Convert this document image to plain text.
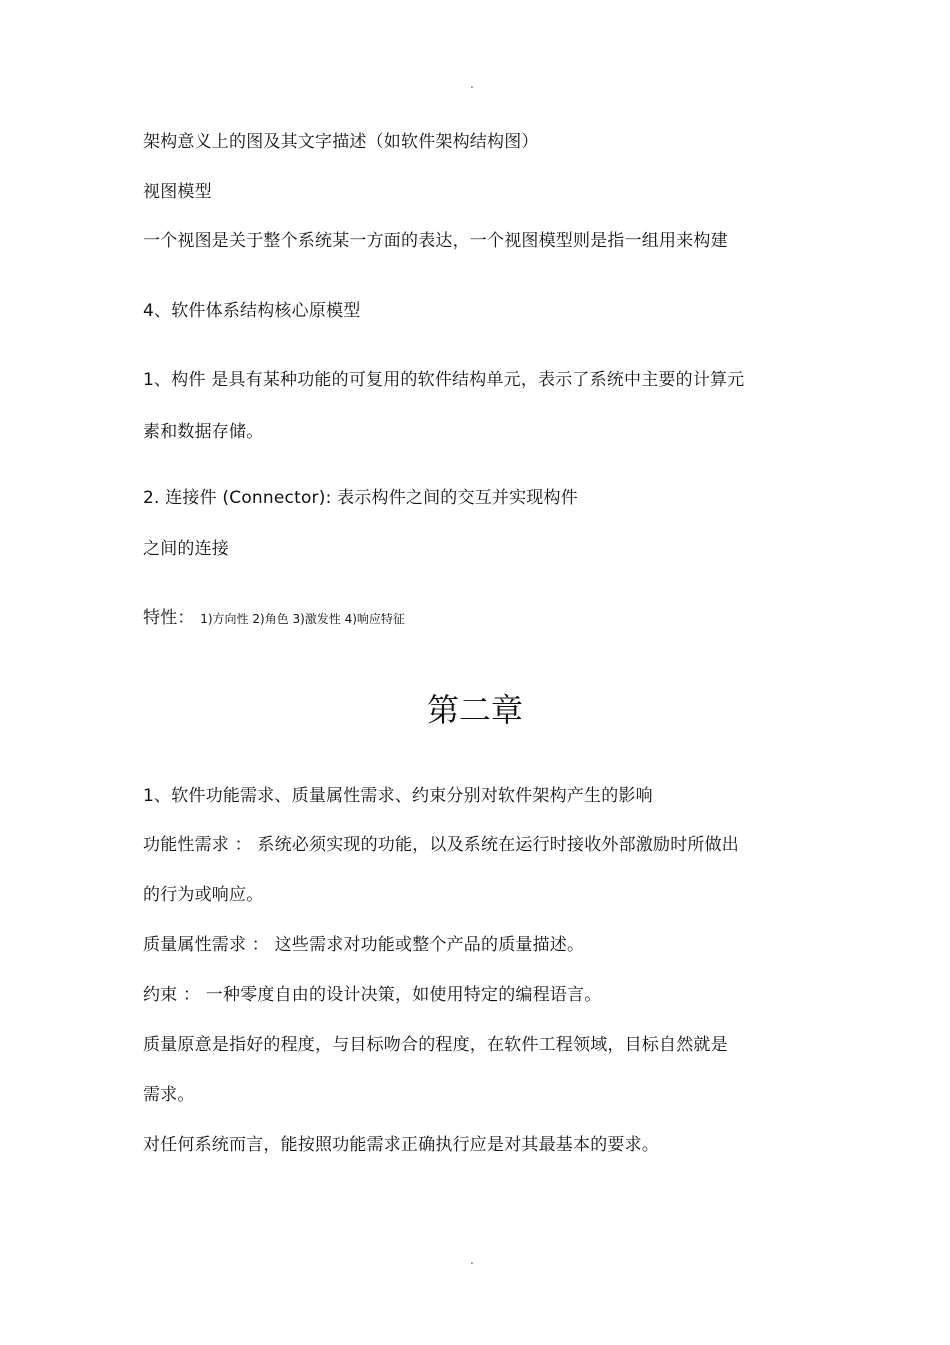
.
架构意义上的图及其文字描述（如软件架构结构图）
视图模型
一个视图是关于整个系统某一方面的表达，一个视图模型则是指一组用来构建
4、软件体系结构核心原模型
1、构件 是具有某种功能的可复用的软件结构单元，表示了系统中主要的计算元
素和数据存储。
2. 连接件 (Connector): 表示构件之间的交互并实现构件
之间的连接
特性： 1)方向性 2)角色 3)激发性 4)响应特征
第二章
1、软件功能需求、质量属性需求、约束分别对软件架构产生的影响
功能性需求 ： 系统必须实现的功能，以及系统在运行时接收外部激励时所做出
的行为或响应。
质量属性需求 ： 这些需求对功能或整个产品的质量描述。
约束 ： 一种零度自由的设计决策，如使用特定的编程语言。
质量原意是指好的程度，与目标吻合的程度，在软件工程领域，目标自然就是
需求。
对任何系统而言，能按照功能需求正确执行应是对其最基本的要求。
.
